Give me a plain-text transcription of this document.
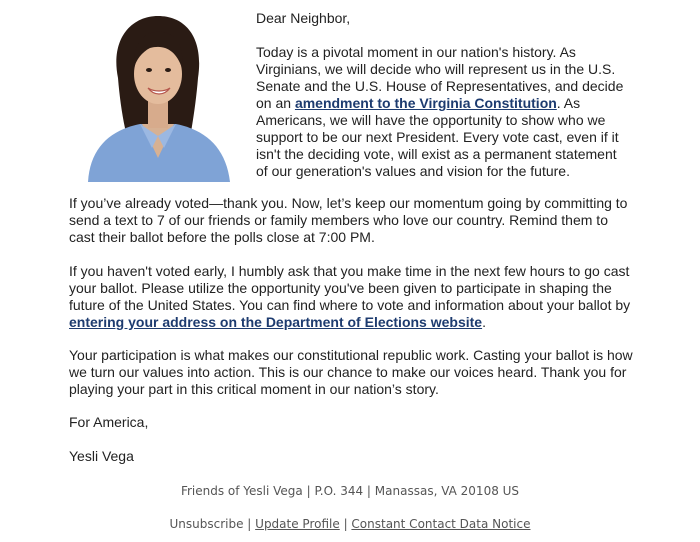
Dear Neighbor,

Today is a pivotal moment in our nation's history. As Virginians, we will decide who will represent us in the U.S. Senate and the U.S. House of Representatives, and decide on an amendment to the Virginia Constitution. As Americans, we will have the opportunity to show who we support to be our next President. Every vote cast, even if it isn't the deciding vote, will exist as a permanent statement of our generation's values and vision for the future.

If you’ve already voted—thank you. Now, let’s keep our momentum going by committing to send a text to 7 of our friends or family members who love our country. Remind them to cast their ballot before the polls close at 7:00 PM.

If you haven't voted early, I humbly ask that you make time in the next few hours to go cast your ballot. Please utilize the opportunity you've been given to participate in shaping the future of the United States. You can find where to vote and information about your ballot by entering your address on the Department of Elections website.

Your participation is what makes our constitutional republic work. Casting your ballot is how we turn our values into action. This is our chance to make our voices heard. Thank you for playing your part in this critical moment in our nation’s story.

For America,

Yesli Vega

Friends of Yesli Vega | P.O. 344 | Manassas, VA 20108 US
Unsubscribe | Update Profile | Constant Contact Data Notice
